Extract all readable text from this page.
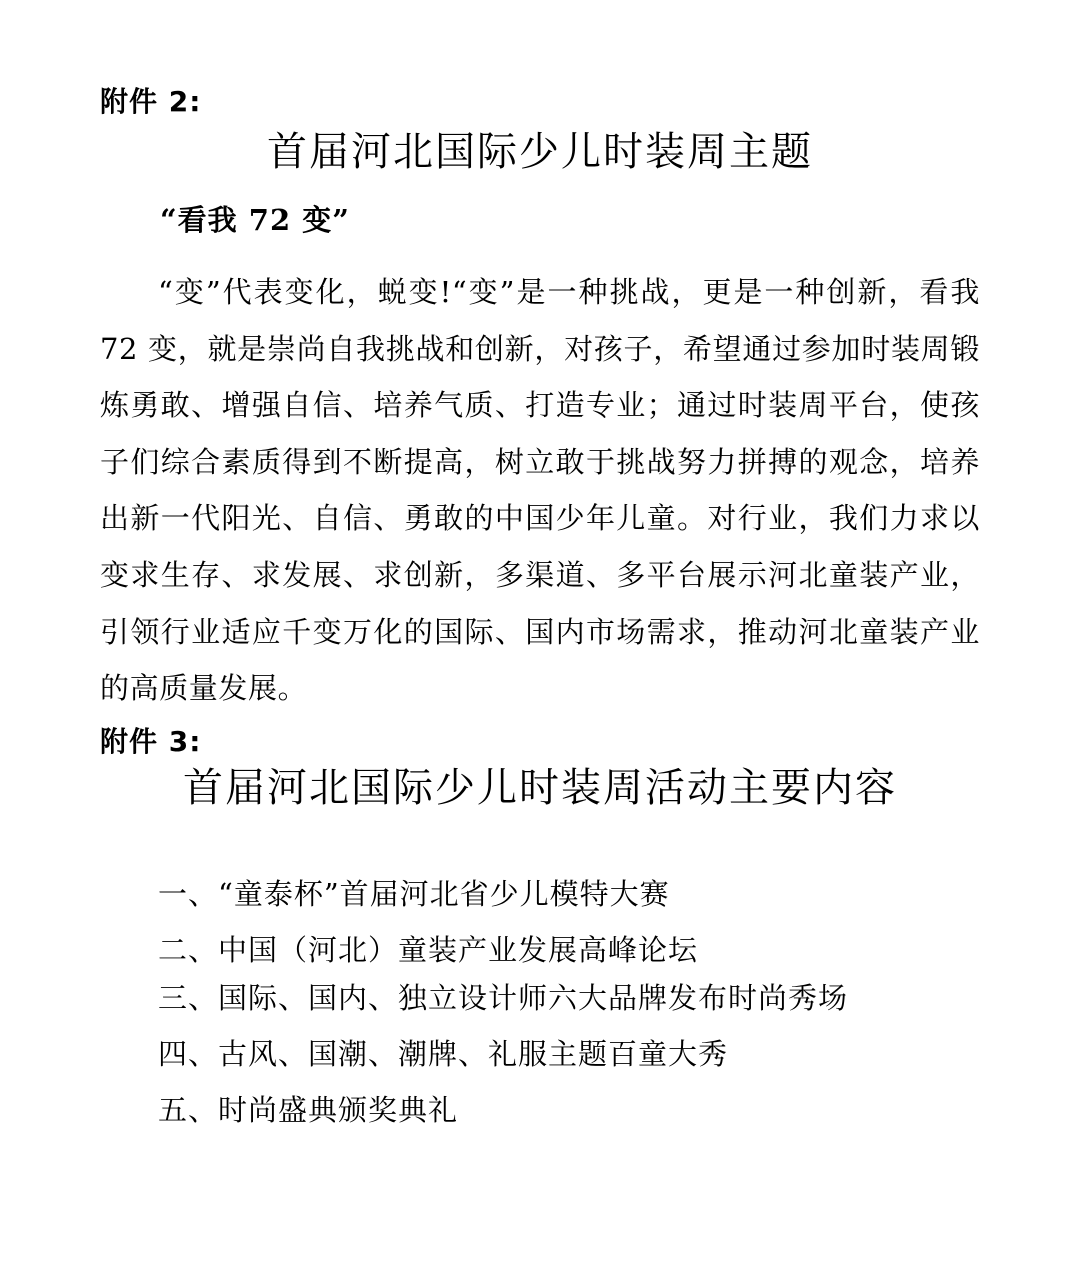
附件 2:
首届河北国际少儿时装周主题
“看我 72 变”

“变”代表变化，蜕变!“变”是一种挑战，更是一种创新，看我 72 变，就是崇尚自我挑战和创新，对孩子，希望通过参加时装周锻炼勇敢、增强自信、培养气质、打造专业；通过时装周平台，使孩子们综合素质得到不断提高，树立敢于挑战努力拼搏的观念，培养出新一代阳光、自信、勇敢的中国少年儿童。对行业，我们力求以变求生存、求发展、求创新，多渠道、多平台展示河北童装产业，引领行业适应千变万化的国际、国内市场需求，推动河北童装产业的高质量发展。

附件 3:
首届河北国际少儿时装周活动主要内容
一、“童泰杯”首届河北省少儿模特大赛
二、中国（河北）童装产业发展高峰论坛
三、国际、国内、独立设计师六大品牌发布时尚秀场
四、古风、国潮、潮牌、礼服主题百童大秀
五、时尚盛典颁奖典礼
